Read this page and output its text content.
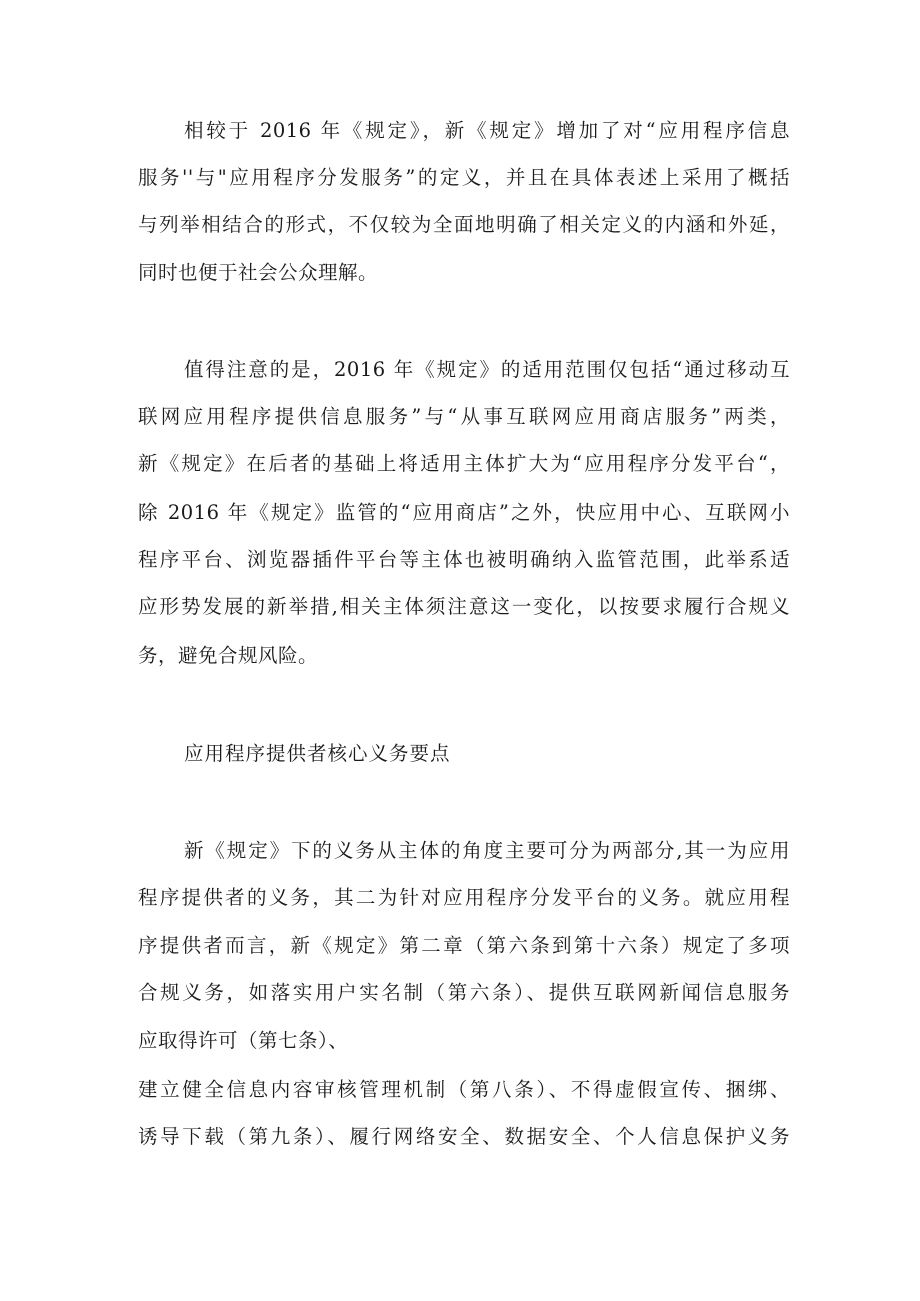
相较于 2016 年《规定》，新《规定》增加了对“应用程序信息
服务''与"应用程序分发服务”的定义，并且在具体表述上采用了概括
与列举相结合的形式，不仅较为全面地明确了相关定义的内涵和外延，
同时也便于社会公众理解。
值得注意的是，2016 年《规定》的适用范围仅包括“通过移动互
联网应用程序提供信息服务”与“从事互联网应用商店服务”两类，
新《规定》在后者的基础上将适用主体扩大为“应用程序分发平台“，
除 2016 年《规定》监管的“应用商店”之外，快应用中心、互联网小
程序平台、浏览器插件平台等主体也被明确纳入监管范围，此举系适
应形势发展的新举措,相关主体须注意这一变化，以按要求履行合规义
务，避免合规风险。
应用程序提供者核心义务要点
新《规定》下的义务从主体的角度主要可分为两部分,其一为应用
程序提供者的义务，其二为针对应用程序分发平台的义务。就应用程
序提供者而言，新《规定》第二章（第六条到第十六条）规定了多项
合规义务，如落实用户实名制（第六条）、提供互联网新闻信息服务
应取得许可（第七条）、
建立健全信息内容审核管理机制（第八条）、不得虚假宣传、捆绑、
诱导下载（第九条）、履行网络安全、数据安全、个人信息保护义务
